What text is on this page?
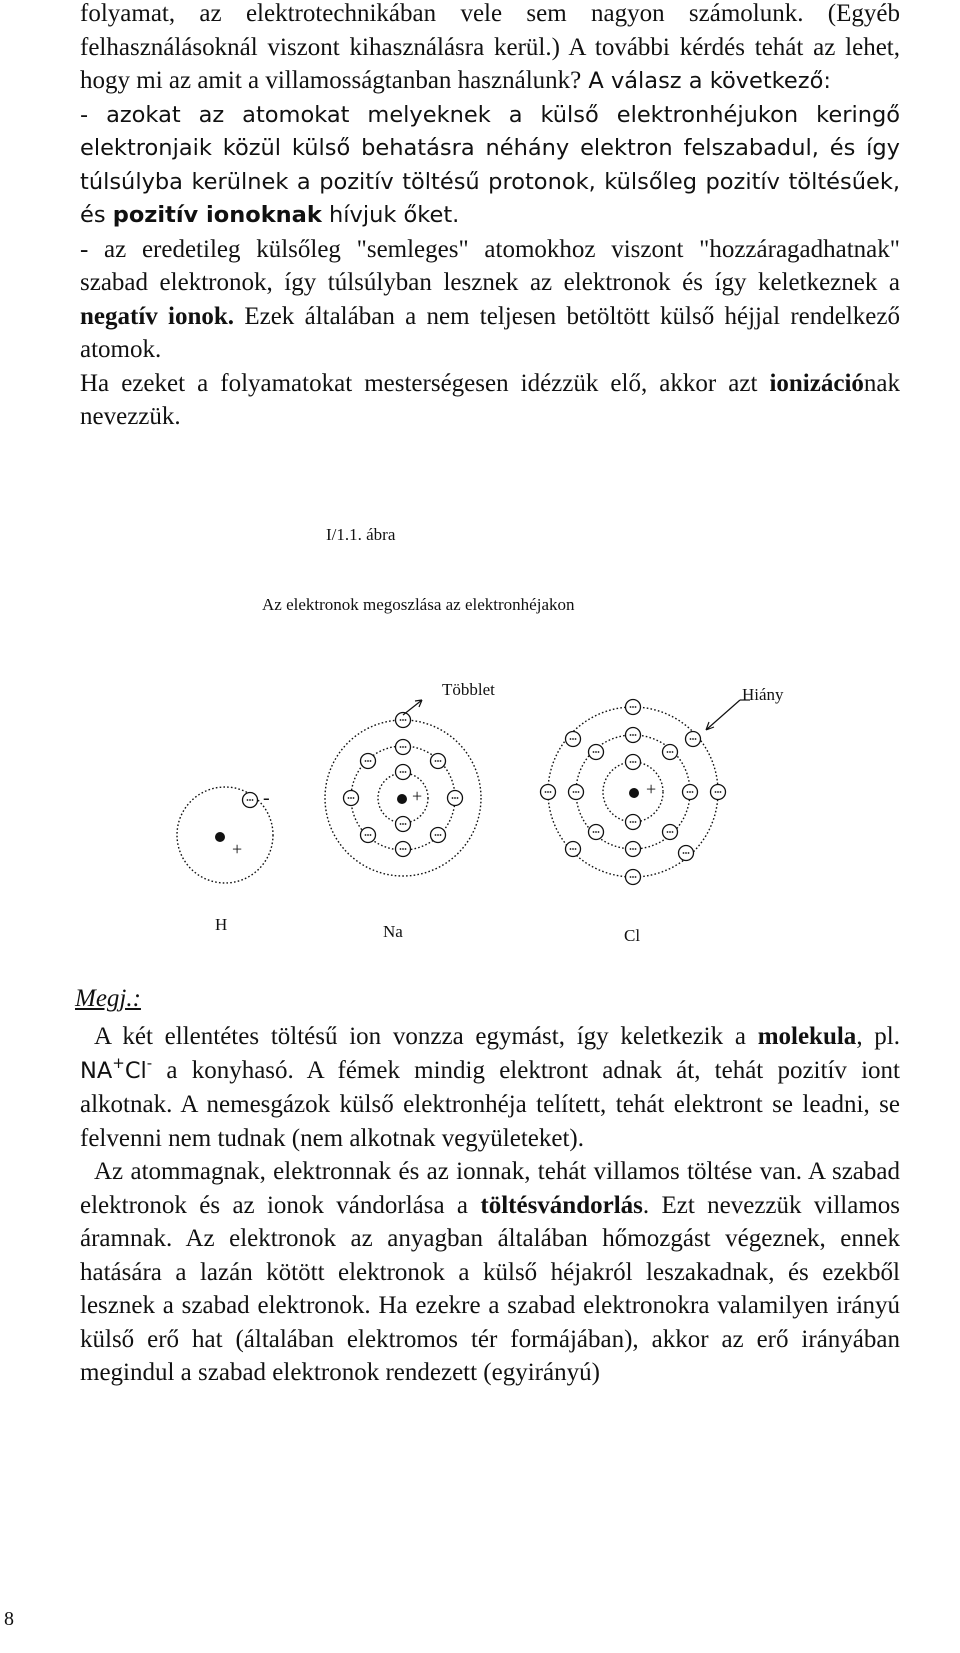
folyamat, az elektrotechnikában vele sem nagyon számolunk. (Egyéb felhasználásoknál viszont kihasználásra kerül.) A további kérdés tehát az lehet, hogy mi az amit a villamosságtanban használunk? A válasz a következő:

- azokat az atomokat melyeknek a külső elektronhéjukon keringő elektronjaik közül külső behatásra néhány elektron felszabadul, és így túlsúlyba kerülnek a pozitív töltésű protonok, külsőleg pozitív töltésűek, és pozitív ionoknak hívjuk őket.

- az eredetileg külsőleg "semleges" atomokhoz viszont "hozzáragadhatnak" szabad elektronok, így túlsúlyban lesznek az elektronok és így keletkeznek a negatív ionok. Ezek általában a nem teljesen betöltött külső héjjal rendelkező atomok.

Ha ezeket a folyamatokat mesterségesen idézzük elő, akkor azt ionizációnak nevezzük.

I/1.1. ábra
Az elektronok megoszlása az elektronhéjakon
Többlet	Hiány
H	Na	Cl
+
-	+	+
Megj.:

A két ellentétes töltésű ion vonzza egymást, így keletkezik a molekula, pl. NA+Cl- a konyhasó. A fémek mindig elektront adnak át, tehát pozitív iont alkotnak. A nemesgázok külső elektronhéja telített, tehát elektront se leadni, se felvenni nem tudnak (nem alkotnak vegyületeket).

Az atommagnak, elektronnak és az ionnak, tehát villamos töltése van. A szabad elektronok és az ionok vándorlása a töltésvándorlás. Ezt nevezzük villamos áramnak. Az elektronok az anyagban általában hőmozgást végeznek, ennek hatására a lazán kötött elektronok a külső héjakról leszakadnak, és ezekből lesznek a szabad elektronok. Ha ezekre a szabad elektronokra valamilyen irányú külső erő hat (általában elektromos tér formájában), akkor az erő irányában megindul a szabad elektronok rendezett (egyirányú)

8
